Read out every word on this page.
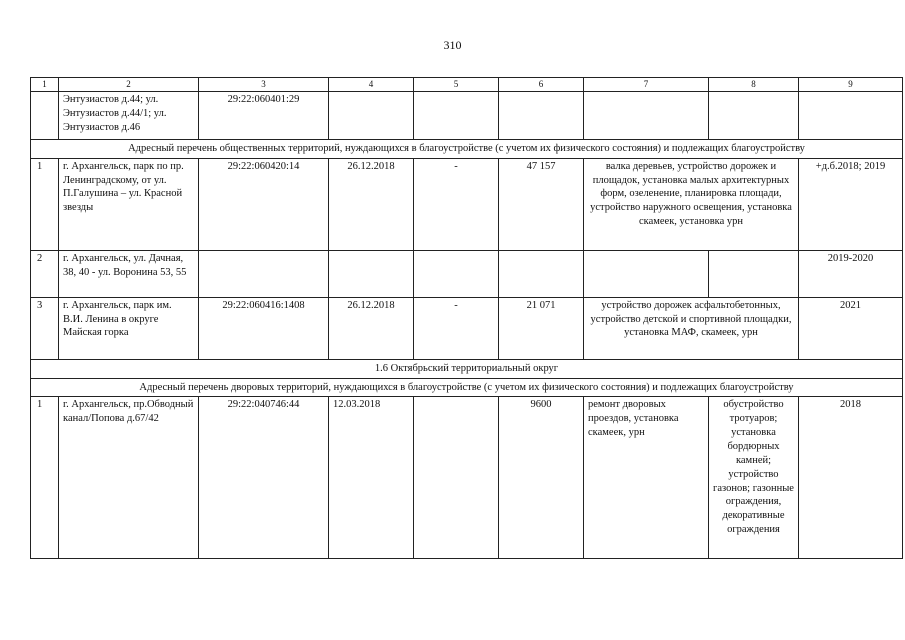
310
1	2	3	4	5	6	7	8	9
	Энтузиастов д.44; ул. Энтузиастов д.44/1; ул. Энтузиастов д.46	29:22:060401:29						
Адресный перечень общественных территорий, нуждающихся в благоустройстве (с учетом их физического состояния) и подлежащих благоустройству								
1	г. Архангельск, парк по пр. Ленинградскому, от ул. П.Галушина – ул. Красной звезды	29:22:060420:14	26.12.2018	-	47 157	валка деревьев, устройство дорожек и площадок, установка малых архитектурных форм, озеленение, планировка площади, устройство наружного освещения, установка скамеек, установка урн		+д.б.2018; 2019
2	г. Архангельск, ул. Дачная, 38, 40 - ул. Воронина 53, 55							2019-2020
3	г. Архангельск, парк им. В.И. Ленина в округе Майская горка	29:22:060416:1408	26.12.2018	-	21 071	устройство дорожек асфальтобетонных, устройство детской и спортивной площадки, установка МАФ, скамеек, урн		2021
1.6 Октябрьский территориальный округ								
Адресный перечень дворовых территорий, нуждающихся в благоустройстве (с учетом их физического состояния) и подлежащих благоустройству								
1	г. Архангельск, пр.Обводный канал/Попова д.67/42	29:22:040746:44	12.03.2018		9600	ремонт дворовых проездов, установка скамеек, урн	обустройство тротуаров; установка бордюрных камней; устройство газонов; газонные ограждения, декоративные ограждения	2018
